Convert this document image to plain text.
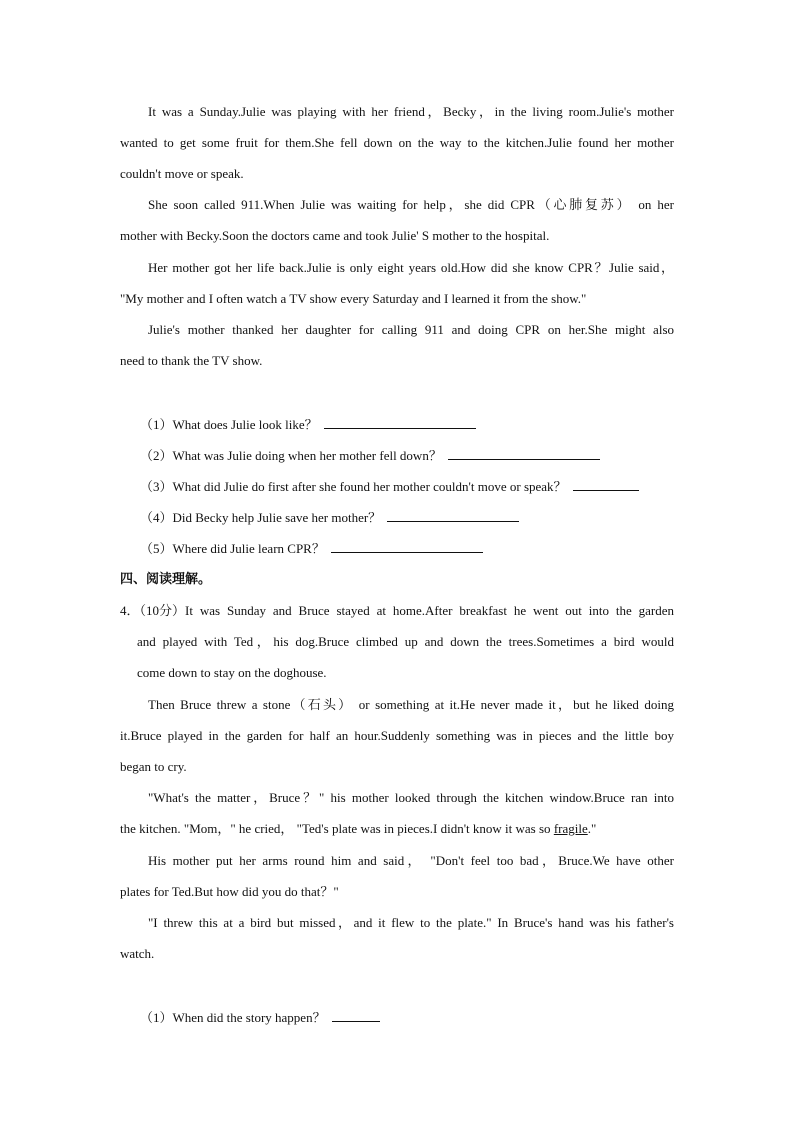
It was a Sunday.Julie was playing with her friend，Becky，in the living room.Julie's mother
wanted to get some fruit for them.She fell down on the way to the kitchen.Julie found her mother
couldn't move or speak.
She soon called 911.When Julie was waiting for help，she did CPR（心肺复苏） on her
mother with Becky.Soon the doctors came and took Julie' S mother to the hospital.
Her mother got her life back.Julie is only eight years old.How did she know CPR？Julie said，
"My mother and I often watch a TV show every Saturday and I learned it from the show."
Julie's mother thanked her daughter for calling 911 and doing CPR on her.She might also
need to thank the TV show.
（1）What does Julie look like？
（2）What was Julie doing when her mother fell down？
（3）What did Julie do first after she found her mother couldn't move or speak？
（4）Did Becky help Julie save her mother？
（5）Where did Julie learn CPR？
四、阅读理解。
4．（10分） It was Sunday and Bruce stayed at home.After breakfast he went out into the garden
and played with Ted，his dog.Bruce climbed up and down the trees.Sometimes a bird would
come down to stay on the doghouse.
Then Bruce threw a stone（石头） or something at it.He never made it，but he liked doing
it.Bruce played in the garden for half an hour.Suddenly something was in pieces and the little boy
began to cry.
"What's the matter，Bruce？" his mother looked through the kitchen window.Bruce ran into
the kitchen. "Mom，" he cried， "Ted's plate was in pieces.I didn't know it was so fragile."
His mother put her arms round him and said， "Don't feel too bad，Bruce.We have other
plates for Ted.But how did you do that？"
"I threw this at a bird but missed，and it flew to the plate." In Bruce's hand was his father's
watch.
（1）When did the story happen？
